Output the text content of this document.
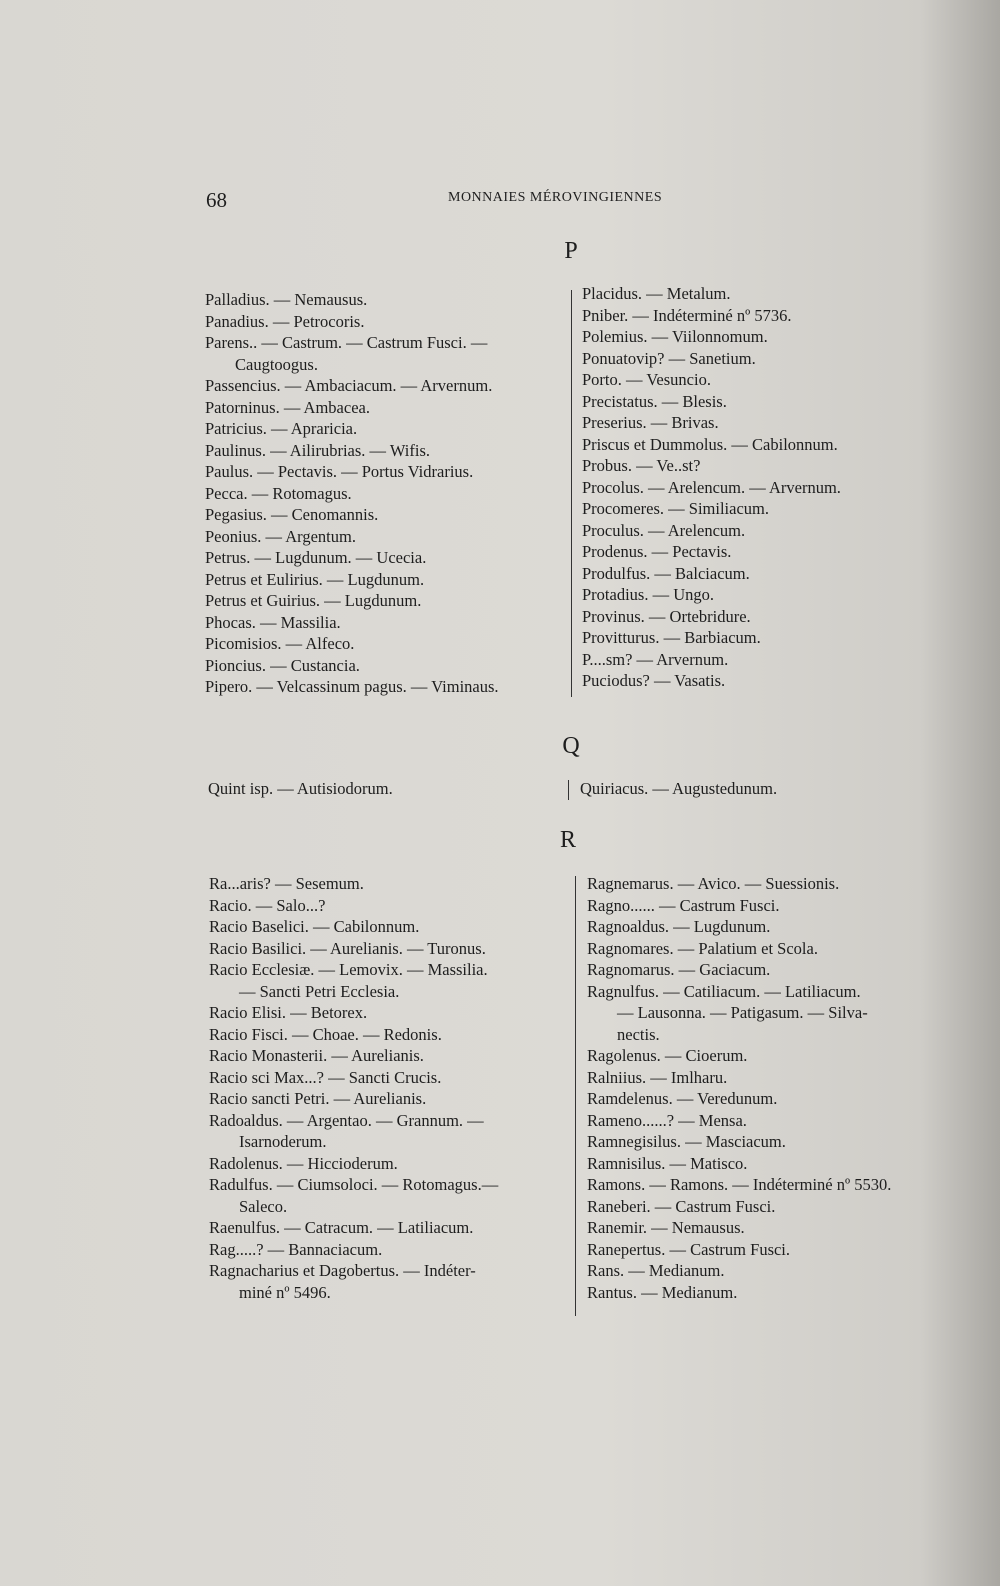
68	MONNAIES MÉROVINGIENNES
P
Palladius. — Nemausus.
Panadius. — Petrocoris.
Parens.. — Castrum. — Castrum Fusci. —
Caugtoogus.
Passencius. — Ambaciacum. — Arvernum.
Patorninus. — Ambacea.
Patricius. — Apraricia.
Paulinus. — Ailirubrias. — Wifis.
Paulus. — Pectavis. — Portus Vidrarius.
Pecca. — Rotomagus.
Pegasius. — Cenomannis.
Peonius. — Argentum.
Petrus. — Lugdunum. — Ucecia.
Petrus et Eulirius. — Lugdunum.
Petrus et Guirius. — Lugdunum.
Phocas. — Massilia.
Picomisios. — Alfeco.
Pioncius. — Custancia.
Pipero. — Velcassinum pagus. — Viminaus.
Placidus. — Metalum.
Pniber. — Indéterminé nº 5736.
Polemius. — Viilonnomum.
Ponuatovip? — Sanetium.
Porto. — Vesuncio.
Precistatus. — Blesis.
Preserius. — Brivas.
Priscus et Dummolus. — Cabilonnum.
Probus. — Ve..st?
Procolus. — Arelencum. — Arvernum.
Procomeres. — Similiacum.
Proculus. — Arelencum.
Prodenus. — Pectavis.
Produlfus. — Balciacum.
Protadius. — Ungo.
Provinus. — Ortebridure.
Provitturus. — Barbiacum.
P....sm? — Arvernum.
Puciodus? — Vasatis.
Q
Quint isp. — Autisiodorum.	Quiriacus. — Augustedunum.
R
Ra...aris? — Sesemum.
Racio. — Salo...?
Racio Baselici. — Cabilonnum.
Racio Basilici. — Aurelianis. — Turonus.
Racio Ecclesiæ. — Lemovix. — Massilia.
— Sancti Petri Ecclesia.
Racio Elisi. — Betorex.
Racio Fisci. — Choae. — Redonis.
Racio Monasterii. — Aurelianis.
Racio sci Max...? — Sancti Crucis.
Racio sancti Petri. — Aurelianis.
Radoaldus. — Argentao. — Grannum. —
Isarnoderum.
Radolenus. — Hiccioderum.
Radulfus. — Ciumsoloci. — Rotomagus.—
Saleco.
Raenulfus. — Catracum. — Latiliacum.
Rag.....? — Bannaciacum.
Ragnacharius et Dagobertus. — Indéter-
miné nº 5496.
Ragnemarus. — Avico. — Suessionis.
Ragno...... — Castrum Fusci.
Ragnoaldus. — Lugdunum.
Ragnomares. — Palatium et Scola.
Ragnomarus. — Gaciacum.
Ragnulfus. — Catiliacum. — Latiliacum.
— Lausonna. — Patigasum. — Silva-
nectis.
Ragolenus. — Cioerum.
Ralniius. — Imlharu.
Ramdelenus. — Veredunum.
Rameno......? — Mensa.
Ramnegisilus. — Masciacum.
Ramnisilus. — Matisco.
Ramons. — Ramons. — Indéterminé nº 5530.
Raneberi. — Castrum Fusci.
Ranemir. — Nemausus.
Ranepertus. — Castrum Fusci.
Rans. — Medianum.
Rantus. — Medianum.
